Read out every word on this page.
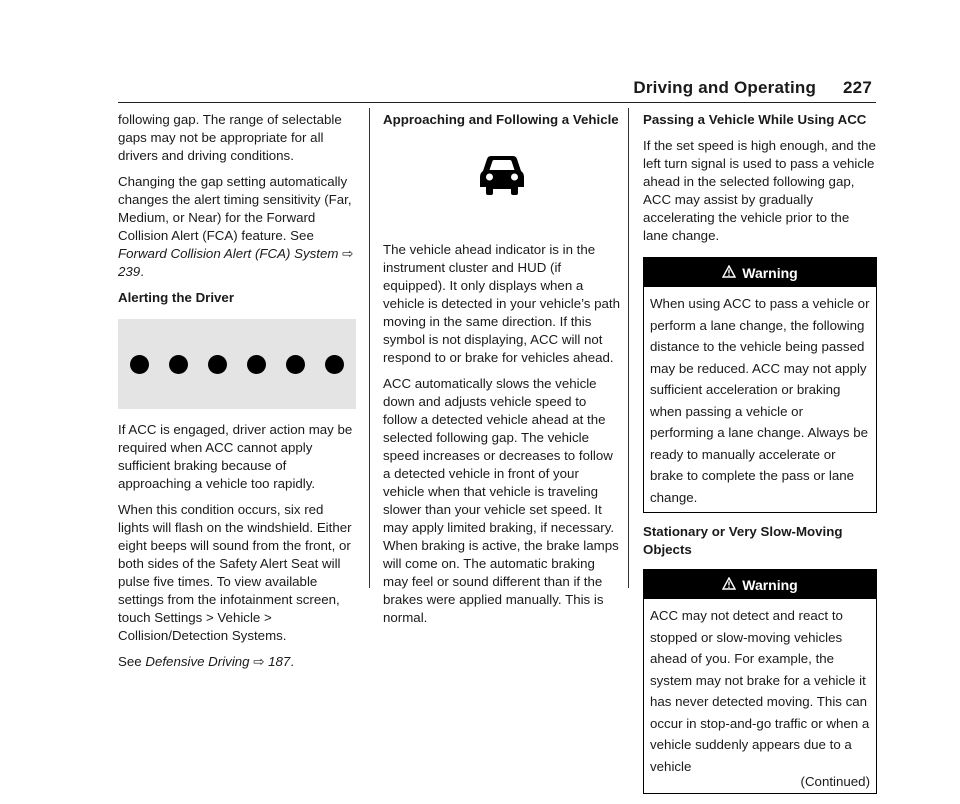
Driving and Operating 227

following gap. The range of selectable gaps may not be appropriate for all drivers and driving conditions.

Changing the gap setting automatically changes the alert timing sensitivity (Far, Medium, or Near) for the Forward Collision Alert (FCA) feature. See Forward Collision Alert (FCA) System ⇨ 239.

Alerting the Driver

If ACC is engaged, driver action may be required when ACC cannot apply sufficient braking because of approaching a vehicle too rapidly.

When this condition occurs, six red lights will flash on the windshield. Either eight beeps will sound from the front, or both sides of the Safety Alert Seat will pulse five times. To view available settings from the infotainment screen, touch Settings > Vehicle > Collision/Detection Systems.

See Defensive Driving ⇨ 187.

Approaching and Following a Vehicle

The vehicle ahead indicator is in the instrument cluster and HUD (if equipped). It only displays when a vehicle is detected in your vehicle’s path moving in the same direction. If this symbol is not displaying, ACC will not respond to or brake for vehicles ahead.

ACC automatically slows the vehicle down and adjusts vehicle speed to follow a detected vehicle ahead at the selected following gap. The vehicle speed increases or decreases to follow a detected vehicle in front of your vehicle when that vehicle is traveling slower than your vehicle set speed. It may apply limited braking, if necessary. When braking is active, the brake lamps will come on. The automatic braking may feel or sound different than if the brakes were applied manually. This is normal.

Passing a Vehicle While Using ACC

If the set speed is high enough, and the left turn signal is used to pass a vehicle ahead in the selected following gap, ACC may assist by gradually accelerating the vehicle prior to the lane change.

Warning
When using ACC to pass a vehicle or perform a lane change, the following distance to the vehicle being passed may be reduced. ACC may not apply sufficient acceleration or braking when passing a vehicle or performing a lane change. Always be ready to manually accelerate or brake to complete the pass or lane change.

Stationary or Very Slow-Moving Objects

Warning
ACC may not detect and react to stopped or slow-moving vehicles ahead of you. For example, the system may not brake for a vehicle it has never detected moving. This can occur in stop-and-go traffic or when a vehicle suddenly appears due to a vehicle
(Continued)
